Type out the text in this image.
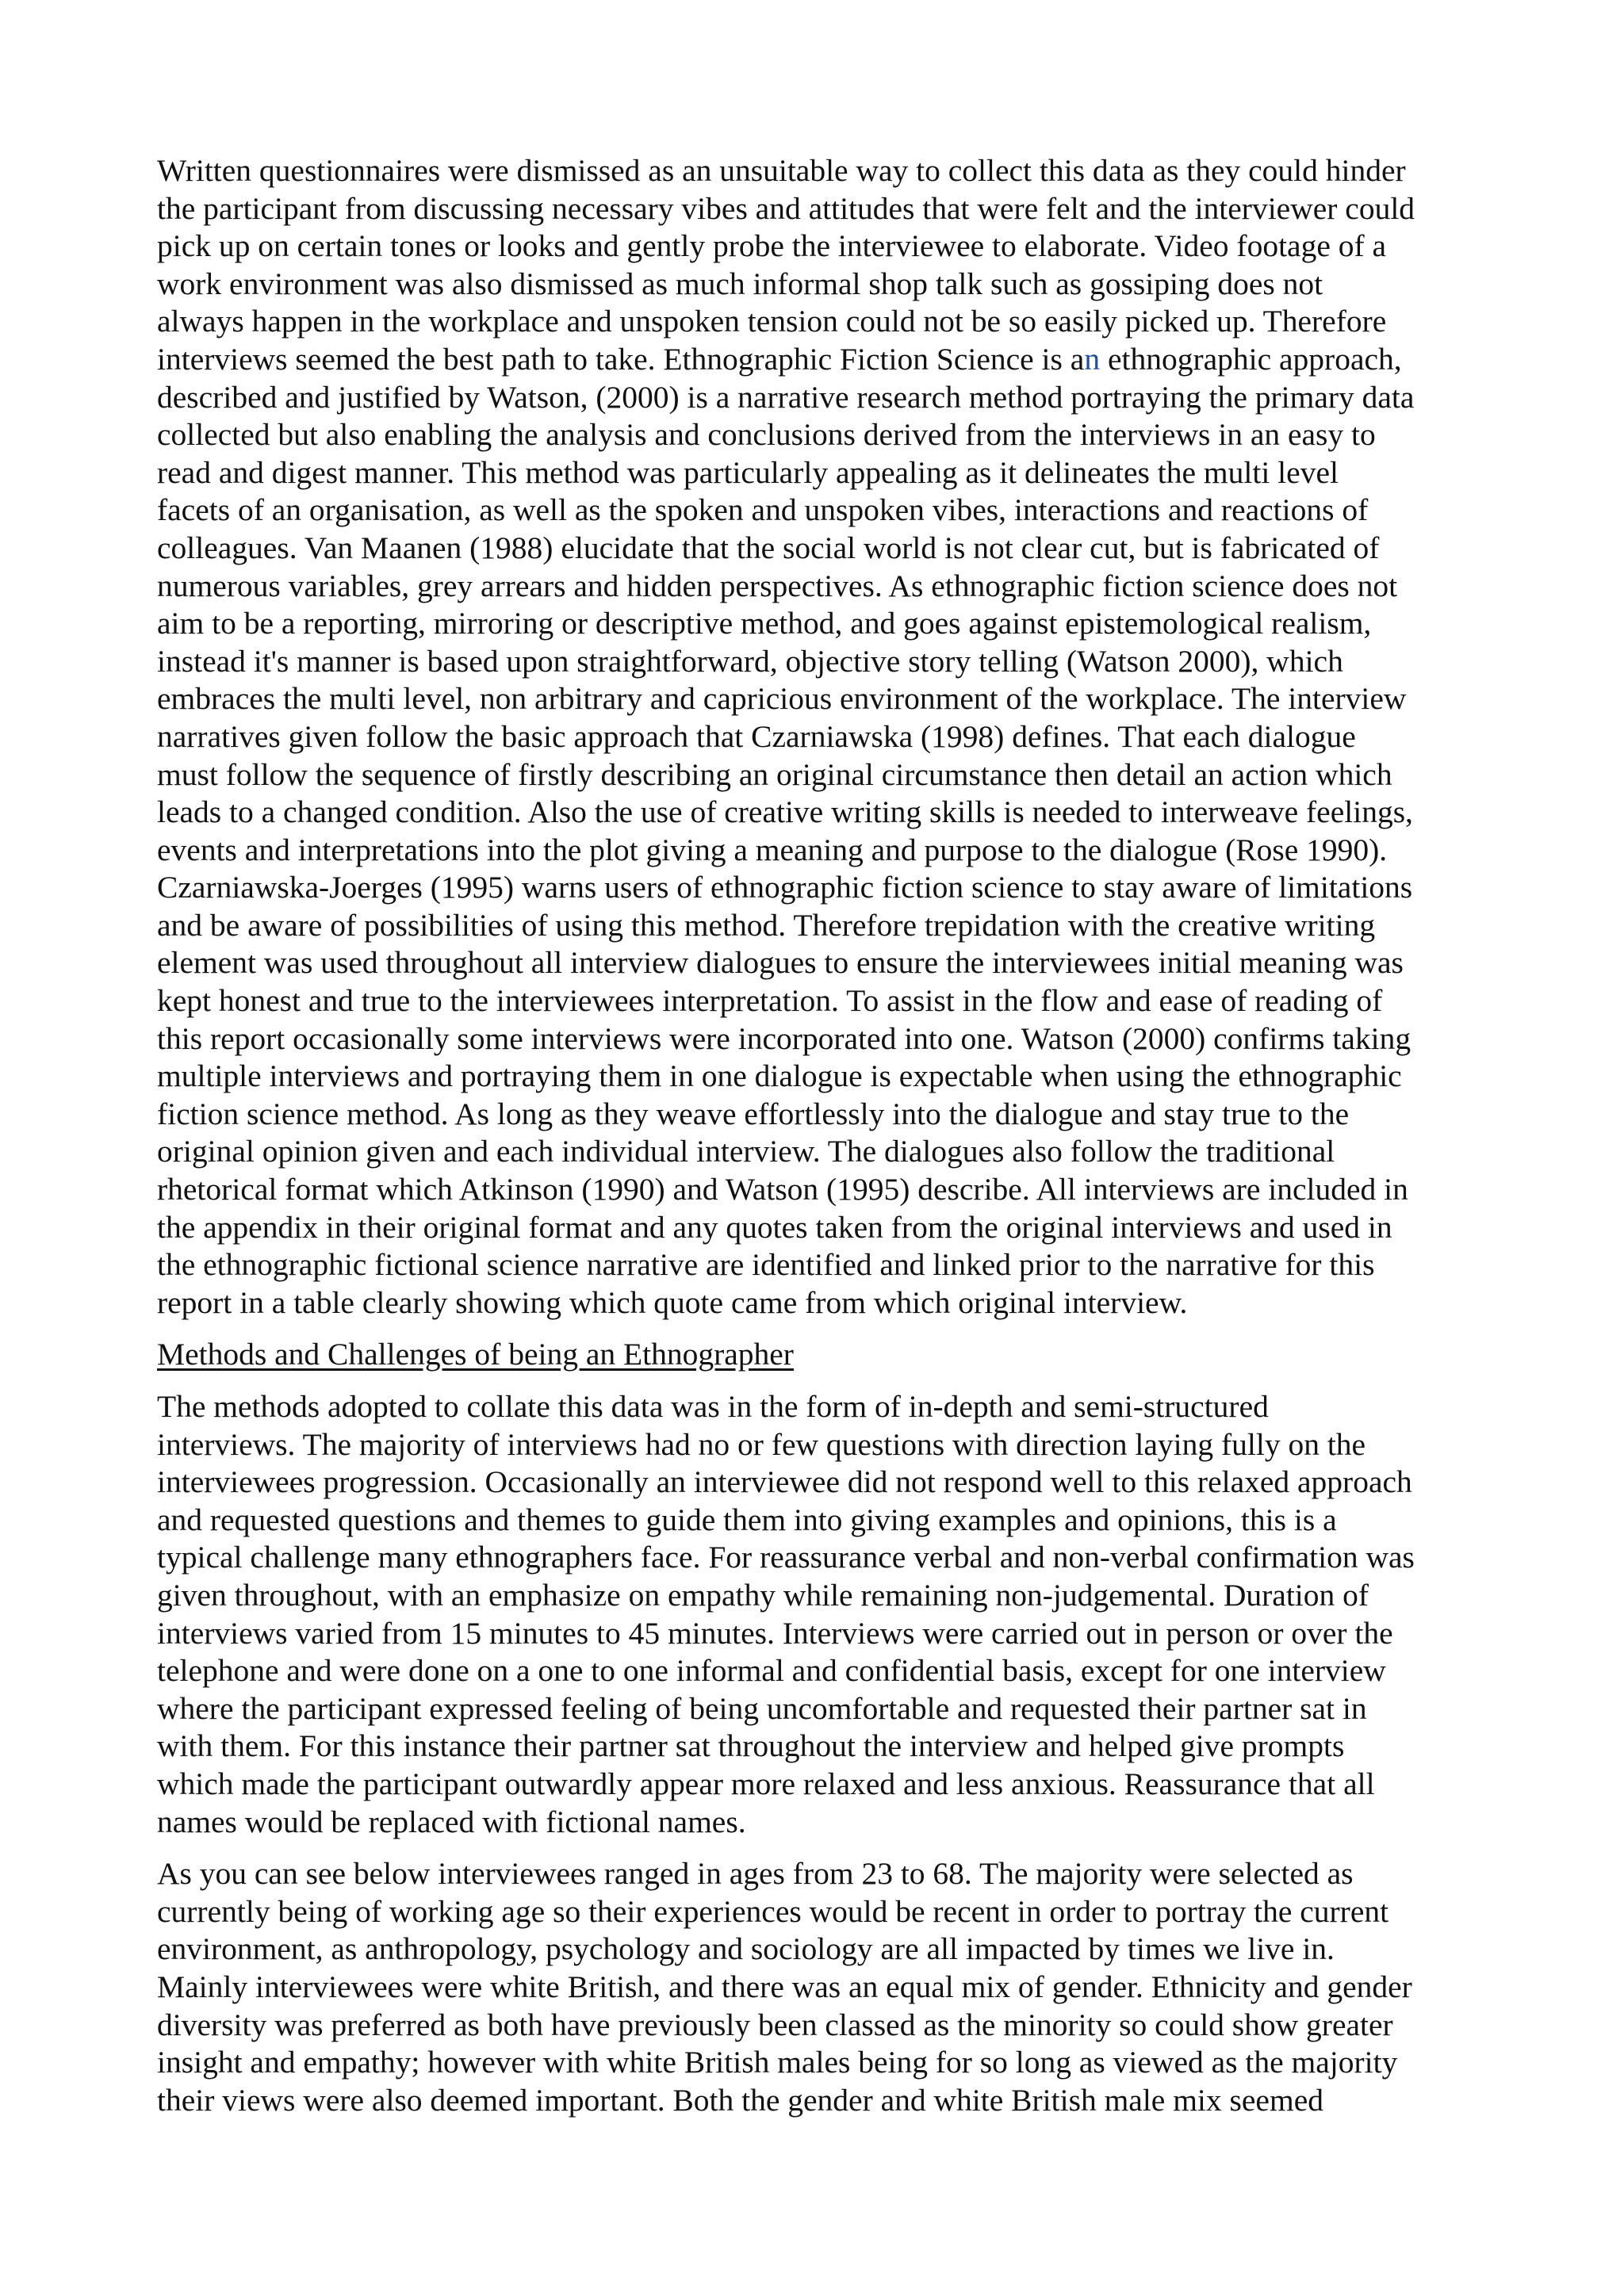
Written questionnaires were dismissed as an unsuitable way to collect this data as they could hinder
the participant from discussing necessary vibes and attitudes that were felt and the interviewer could
pick up on certain tones or looks and gently probe the interviewee to elaborate. Video footage of a
work environment was also dismissed as much informal shop talk such as gossiping does not
always happen in the workplace and unspoken tension could not be so easily picked up. Therefore
interviews seemed the best path to take. Ethnographic Fiction Science is an ethnographic approach,
described and justified by Watson, (2000) is a narrative research method portraying the primary data
collected but also enabling the analysis and conclusions derived from the interviews in an easy to
read and digest manner. This method was particularly appealing as it delineates the multi level
facets of an organisation, as well as the spoken and unspoken vibes, interactions and reactions of
colleagues. Van Maanen (1988) elucidate that the social world is not clear cut, but is fabricated of
numerous variables, grey arrears and hidden perspectives. As ethnographic fiction science does not
aim to be a reporting, mirroring or descriptive method, and goes against epistemological realism,
instead it's manner is based upon straightforward, objective story telling (Watson 2000), which
embraces the multi level, non arbitrary and capricious environment of the workplace. The interview
narratives given follow the basic approach that Czarniawska (1998) defines. That each dialogue
must follow the sequence of firstly describing an original circumstance then detail an action which
leads to a changed condition. Also the use of creative writing skills is needed to interweave feelings,
events and interpretations into the plot giving a meaning and purpose to the dialogue (Rose 1990).
Czarniawska-Joerges (1995) warns users of ethnographic fiction science to stay aware of limitations
and be aware of possibilities of using this method. Therefore trepidation with the creative writing
element was used throughout all interview dialogues to ensure the interviewees initial meaning was
kept honest and true to the interviewees interpretation. To assist in the flow and ease of reading of
this report occasionally some interviews were incorporated into one. Watson (2000) confirms taking
multiple interviews and portraying them in one dialogue is expectable when using the ethnographic
fiction science method. As long as they weave effortlessly into the dialogue and stay true to the
original opinion given and each individual interview. The dialogues also follow the traditional
rhetorical format which Atkinson (1990) and Watson (1995) describe. All interviews are included in
the appendix in their original format and any quotes taken from the original interviews and used in
the ethnographic fictional science narrative are identified and linked prior to the narrative for this
report in a table clearly showing which quote came from which original interview.

Methods and Challenges of being an Ethnographer

The methods adopted to collate this data was in the form of in-depth and semi-structured
interviews. The majority of interviews had no or few questions with direction laying fully on the
interviewees progression. Occasionally an interviewee did not respond well to this relaxed approach
and requested questions and themes to guide them into giving examples and opinions, this is a
typical challenge many ethnographers face. For reassurance verbal and non-verbal confirmation was
given throughout, with an emphasize on empathy while remaining non-judgemental. Duration of
interviews varied from 15 minutes to 45 minutes. Interviews were carried out in person or over the
telephone and were done on a one to one informal and confidential basis, except for one interview
where the participant expressed feeling of being uncomfortable and requested their partner sat in
with them. For this instance their partner sat throughout the interview and helped give prompts
which made the participant outwardly appear more relaxed and less anxious. Reassurance that all
names would be replaced with fictional names.

As you can see below interviewees ranged in ages from 23 to 68. The majority were selected as
currently being of working age so their experiences would be recent in order to portray the current
environment, as anthropology, psychology and sociology are all impacted by times we live in.
Mainly interviewees were white British, and there was an equal mix of gender. Ethnicity and gender
diversity was preferred as both have previously been classed as the minority so could show greater
insight and empathy; however with white British males being for so long as viewed as the majority
their views were also deemed important. Both the gender and white British male mix seemed
